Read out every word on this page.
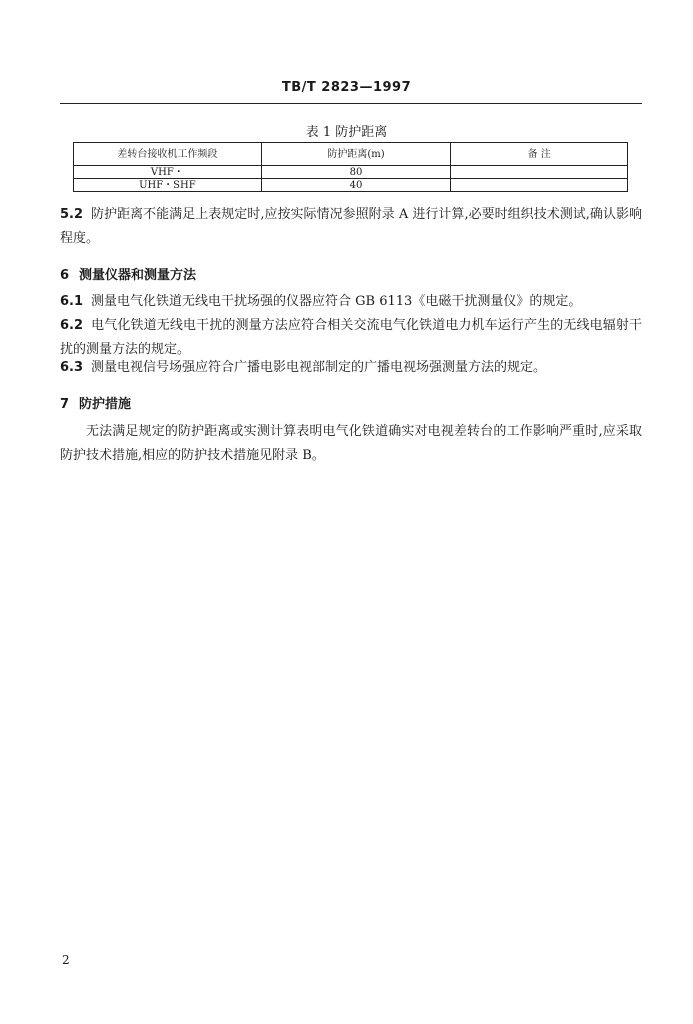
TB/T 2823—1997
表 1 防护距离
差转台接收机工作频段	防护距离(m)	备 注
VHF・	80	
UHF・SHF	40	
5.2 防护距离不能满足上表规定时,应按实际情况参照附录 A 进行计算,必要时组织技术测试,确认影响程度。
6 测量仪器和测量方法
6.1 测量电气化铁道无线电干扰场强的仪器应符合 GB 6113《电磁干扰测量仪》的规定。
6.2 电气化铁道无线电干扰的测量方法应符合相关交流电气化铁道电力机车运行产生的无线电辐射干扰的测量方法的规定。
6.3 测量电视信号场强应符合广播电影电视部制定的广播电视场强测量方法的规定。
7 防护措施
无法满足规定的防护距离或实测计算表明电气化铁道确实对电视差转台的工作影响严重时,应采取防护技术措施,相应的防护技术措施见附录 B。
2
